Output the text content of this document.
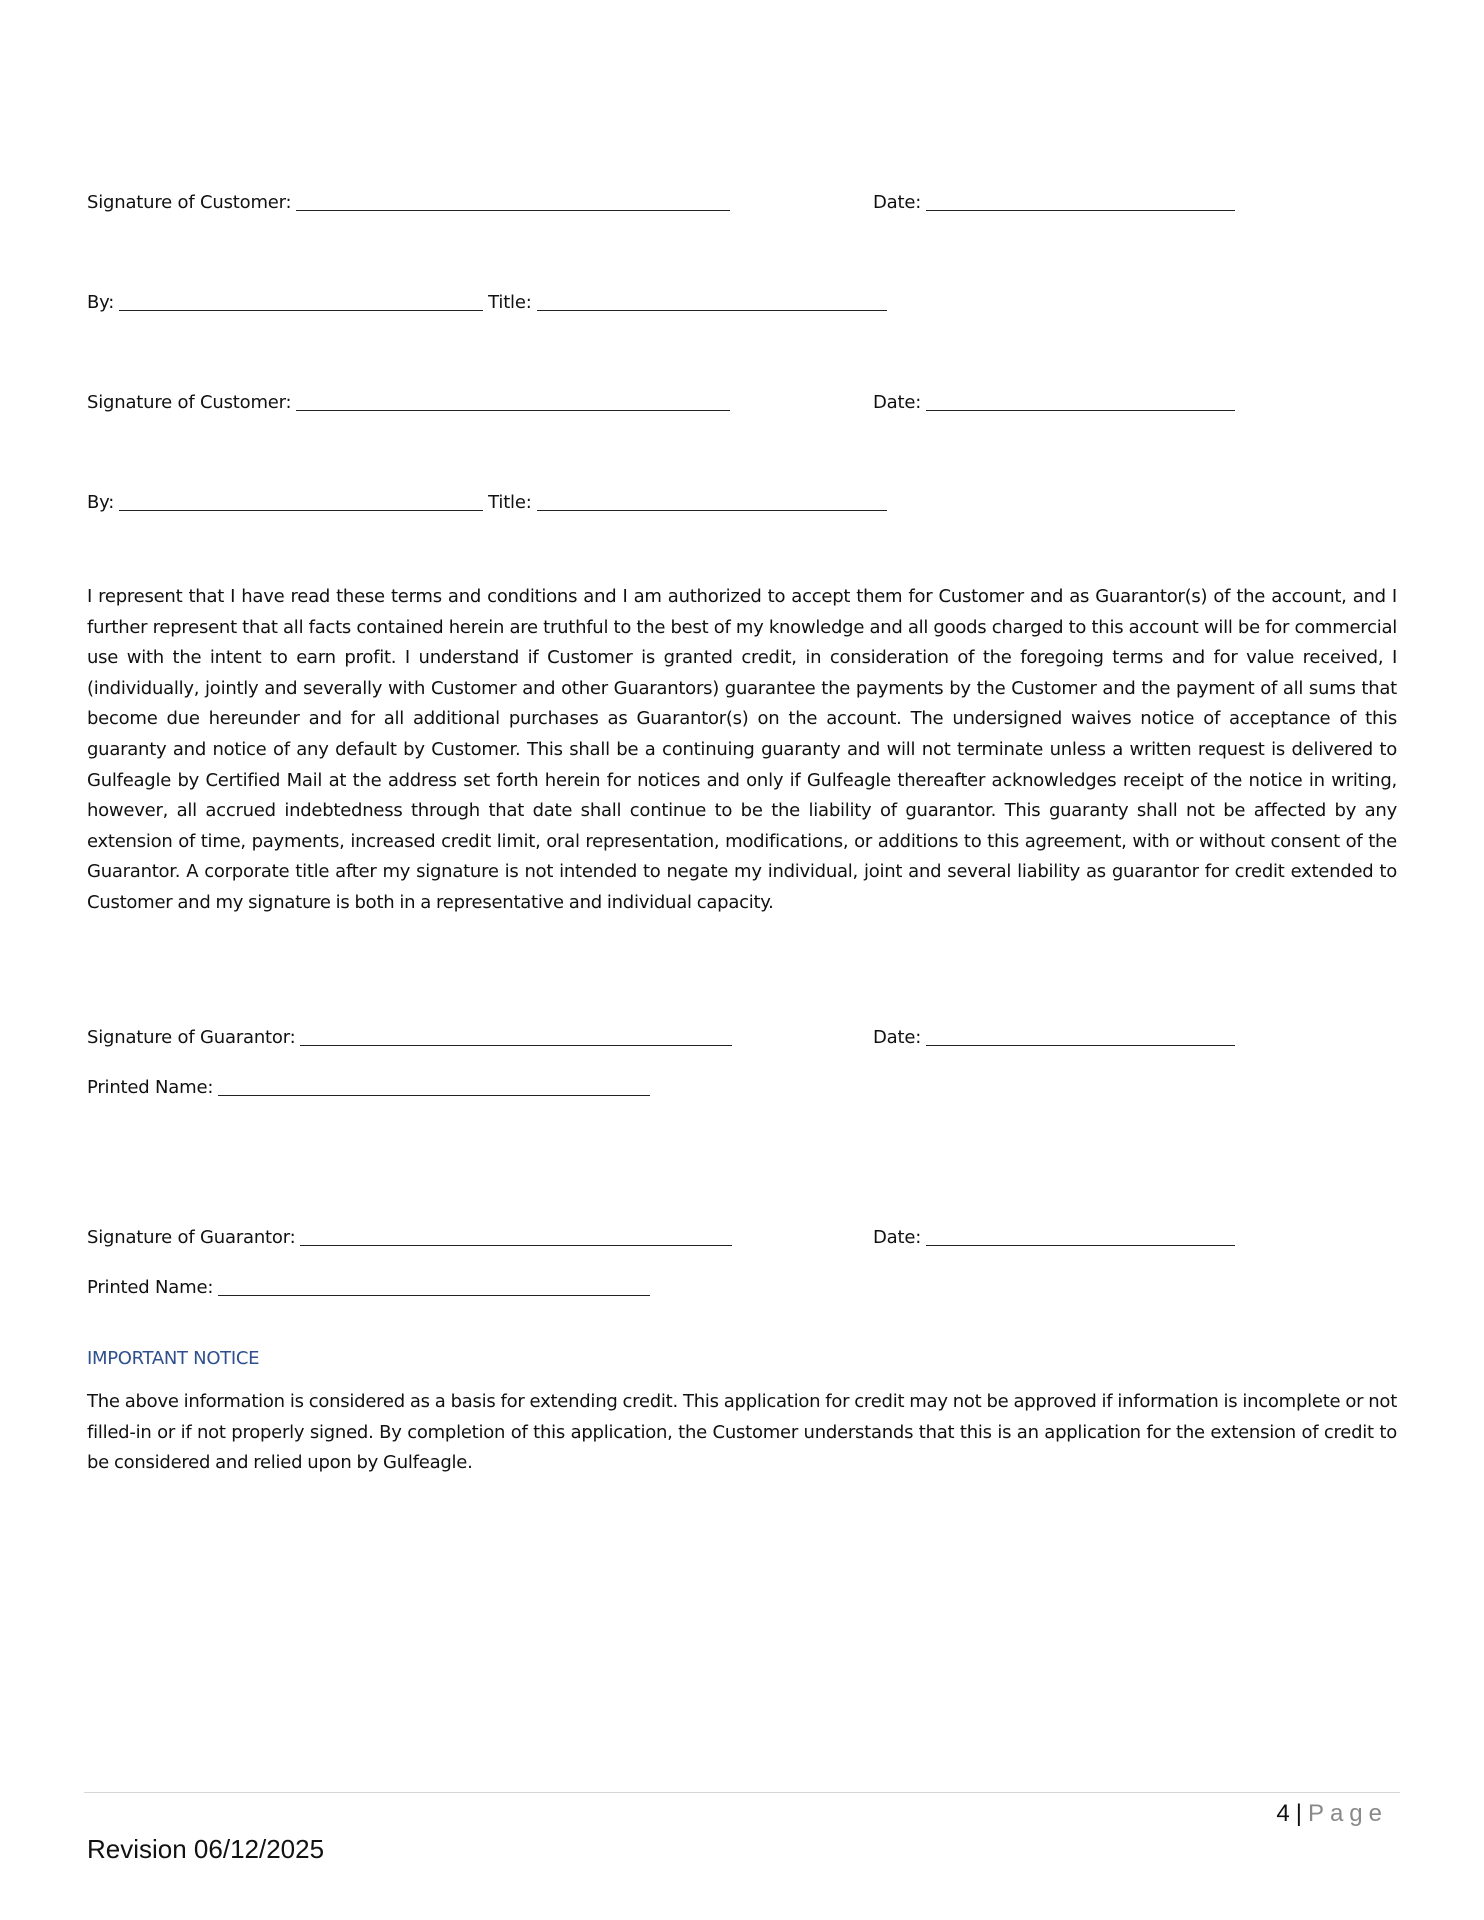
Signature of Customer:	Date:
By:	Title:
Signature of Customer:	Date:
By:	Title:
I represent that I have read these terms and conditions and I am authorized to accept them for Customer and as Guarantor(s) of the account, and I further represent that all facts contained herein are truthful to the best of my knowledge and all goods charged to this account will be for commercial use with the intent to earn profit. I understand if Customer is granted credit, in consideration of the foregoing terms and for value received, I (individually, jointly and severally with Customer and other Guarantors) guarantee the payments by the Customer and the payment of all sums that become due hereunder and for all additional purchases as Guarantor(s) on the account. The undersigned waives notice of acceptance of this guaranty and notice of any default by Customer. This shall be a continuing guaranty and will not terminate unless a written request is delivered to Gulfeagle by Certified Mail at the address set forth herein for notices and only if Gulfeagle thereafter acknowledges receipt of the notice in writing, however, all accrued indebtedness through that date shall continue to be the liability of guarantor. This guaranty shall not be affected by any extension of time, payments, increased credit limit, oral representation, modifications, or additions to this agreement, with or without consent of the Guarantor. A corporate title after my signature is not intended to negate my individual, joint and several liability as guarantor for credit extended to Customer and my signature is both in a representative and individual capacity.
Signature of Guarantor:	Date:
Printed Name:
Signature of Guarantor:	Date:
Printed Name:
IMPORTANT NOTICE
The above information is considered as a basis for extending credit. This application for credit may not be approved if information is incomplete or not filled-in or if not properly signed. By completion of this application, the Customer understands that this is an application for the extension of credit to be considered and relied upon by Gulfeagle.
4 | Page
Revision 06/12/2025
